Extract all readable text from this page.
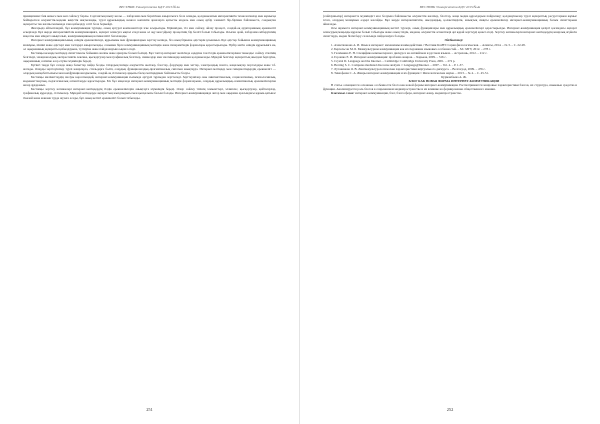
ВЕСТНИК Университета КДУ 2015/№4а

принципами: бив немесе мен көп сөйлесу барлы. Сорташтың шығу жолы — хабарлама мен берілгінен ажыратылса бола алмады, қолданылатын интерактивтік технологиялар мен жұмысқа бейімделген әлеуметтік-мәдени кеңістік нақтыланды, түрлі құрылымдық немесе көпшілік арналарға қатысты модель мен оның әрбір элементі бір-бірімен байланыста, сондықтан ақпаратты тек жалпы мағынада ғана қабылдау сәтті бола бермейді.

Жоғарыда айтылғандай, бұл коммуникация түрінде, оның әртүрлі компоненттері іске асырылады. Біріншіден, тіл мен сөйлеу, ойлау процесі, сондай-ақ аудиторияның ерекшелігі ескеріледі. Бұл жерде интерактивтілік коммуникацияға, ақпарат алмасуға ықпал етеді және ол оқу мен үйрену процесінің бір бөлігі болып табылады. Осыған орай, хабарлама жіберушінің мақсаты мен міндеті анықталып, коммуникацияның нәтижелілігі бағаланады.

Интернет коммуникациясының өзіндік ерекшеліктері, құрылымы мен функцияларын зерттеу кезінде, біз оның бірнеше әдістерін ұсынамыз. Бұл әдістер бойынша коммуникацияның мазмұны, пішіні және әдістері мен тәсілдері ажыратылады, сонымен бірге коммуникацияның мәтіндік және гипермәтіндік формалары қарастырылады. Әрбір мәтін өзіндік құрылымға ие, ол оқырманның ақпаратты қабылдауына, түсінуіне және пайдалануына ықпал етеді.

Бастапқы кезеңде мәтіндер сипаттамасы бойынша жалпы және арнаулы болып бөлінді. Бұл топтар интернет желісінде өздеріне тән тілдік ерекшеліктерімен танылды: сөйлеу стилінің белгілері, эмоционалдық-экспрессивтік лексика, қысқартулар мен графикалық белгілер, символдар мен эмотикондар кеңінен қолданылады. Мұндай белгілер ақпараттың жылдам берілуіне, оқырманның сезіміне әсер етуіне мүмкіндік береді.

Бүгінгі таңда бұл салада жаңа бағыттар пайда болды. Олардың ішінде әлеуметтік желілер, блогтар, форумдар мен чаттар, электрондық пошта, жаңалықтар порталдары және т.б. жатады. Оларды зерттеушілер түрлі жанрларға, стильдерге бөліп, олардың функционалдық-прагматикалық сипатын анықтауда. Интернет-мәтіндер мен гипермәтіндердің ерекшелігі — олардың көпқабаттылығы мен көпфункционалдылығы, сондай-ақ сілтемелер арқылы басқа мәтіндермен байланысты болуы.

Бастапқы мәліметтердің шолуы көрсеткендей, интернет-коммуникация ғылымда әртүрлі тұрғыдан зерттеледі. Зерттеушілер оны лингвистикалық, социологиялық, психологиялық, мәдениеттанулық, педагогикалық аспектілерде қарастырады. Біз бұл мақалада интернет-коммуникацияның мәтіндік формаларына, олардың құрылымдық-семантикалық ерекшеліктеріне назар аударамыз.

Бастапқы зерттеу нәтижелері интернет-мәтіндердің тілдік ерекшеліктерін анықтауға мүмкіндік береді. Олар: сөйлеу тілінің элементтері, эллипсис, қысқартулар, қайталаулар, графикалық құралдар, сілтемелер. Мұндай мәтіндерде ақпараттың жылдамдығы мен қысқалығы басым болады. Интернет-коммуникацияда автор мен оқырман арасындағы қарым-қатынас тікелей және жанама түрде жүзеге асады, бұл оның негізгі ерекшелігі болып табылады.

251
ВЕСТНИК Университета КДУ 2015/№4а

(сайлаушылар) интернетте мүмкіндігі мол болуына байланысты әлеуметтік желілер, блогтар, жаңа медиа құралдарын пайдалану; қолданушылар түрлі ақпараттық ресурстармен жұмыс істеп, олардың мазмұнын өздері жасайды. Бұл жерде интерактивтілік, жылдамдық, қолжетімділік, ашықтық сияқты ерекшеліктер интернет-коммуникацияның басым сипаттарына айналады.

Осы жұмыста интернет-коммуникацияның негізгі түрлері, оның функциялары мен құрылымдық ерекшеліктері қарастырылды. Интернет-коммуникация қазіргі қоғамдағы ақпарат алмасудың маңызды құралы болып табылады және оның тілдік, мәдени, әлеуметтік аспектілері әрі қарай зерттеуді қажет етеді. Зерттеу нәтижелерін интернет-мәтіндердің жанрлық жүйесін сипаттауда, медиа білім беру саласында пайдалануға болады.

Әдебиеттер:

1. Ахметжанова А. И. Язык и интернет: механизмы взаимодействия // Вестник КазНУ. Серия филологическая. – Алматы, 2014. – № 3. – С. 22-28.

2. Бергельсон М. Б. Межкультурная коммуникация как исследование языковых особенностей. – М.: МГУ, 2012. – 278 с.

3. Галичкина Е. Н. Специфика компьютерного дискурса на английском и русском языках. – Астрахань, 2012. – 212 с.

4. Горошко Е. И. Интернет-коммуникация: проблема жанров. – Харьков, 2009. – 316 с.

5. Crystal D. Language and the Internet. – Cambridge: Cambridge University Press, 2001. – 272 p.

6. Herring S. C. Computer-mediated discourse analysis // Language@Internet. – 2007. – Vol. 4. – P. 1-37.

7. Лутовинова О. В. Лингвокультурологические характеристики виртуального дискурса. – Волгоград, 2009. – 476 с.

8. Тимофеева С. А. Жанры интернет-коммуникации и их функции // Филологические науки. – 2013. – № 4. – С. 45-51.

Курманбаева А. Ж.

БЛОГ КАК НОВАЯ ФОРМА ИНТЕРНЕТ-КОММУНИКАЦИИ

В статье освещаются основные особенности блога как новой формы интернет-коммуникации. Рассматриваются жанровые характеристики блогов, их структура, языковые средства и функции. Анализируется роль блогов в современном медиапространстве и их влияние на формирование общественного мнения.

Ключевые слова: интернет-коммуникация, блог, блогосфера, интернет-жанр, медиапространство.

252
